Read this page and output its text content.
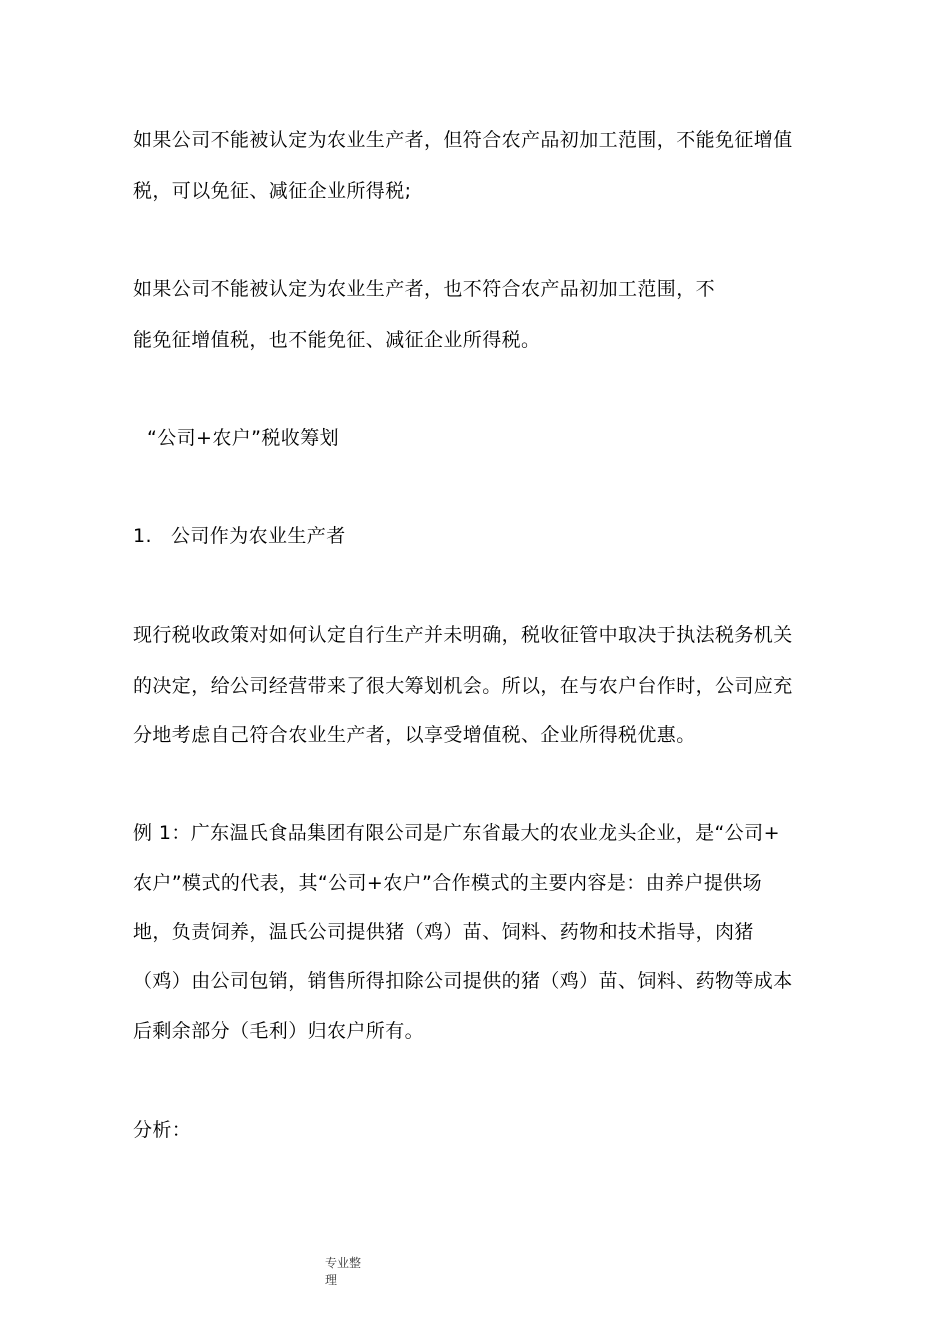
如果公司不能被认定为农业生产者，但符合农产品初加工范围，不能免征增值
税，可以免征、减征企业所得税;
如果公司不能被认定为农业生产者，也不符合农产品初加工范围，不
能免征增值税，也不能免征、减征企业所得税。
“公司+农户”税收筹划
1. 公司作为农业生产者
现行税收政策对如何认定自行生产并未明确，税收征管中取决于执法税务机关
的决定，给公司经营带来了很大筹划机会。所以，在与农户台作时，公司应充
分地考虑自己符合农业生产者，以享受增值税、企业所得税优惠。
例 1：广东温氏食品集团有限公司是广东省最大的农业龙头企业，是“公司+
农户”模式的代表，其“公司+农户”合作模式的主要内容是：由养户提供场
地，负责饲养，温氏公司提供猪（鸡）苗、饲料、药物和技术指导，肉猪
（鸡）由公司包销，销售所得扣除公司提供的猪（鸡）苗、饲料、药物等成本
后剩余部分（毛利）归农户所有。
分析：
专业整
理
